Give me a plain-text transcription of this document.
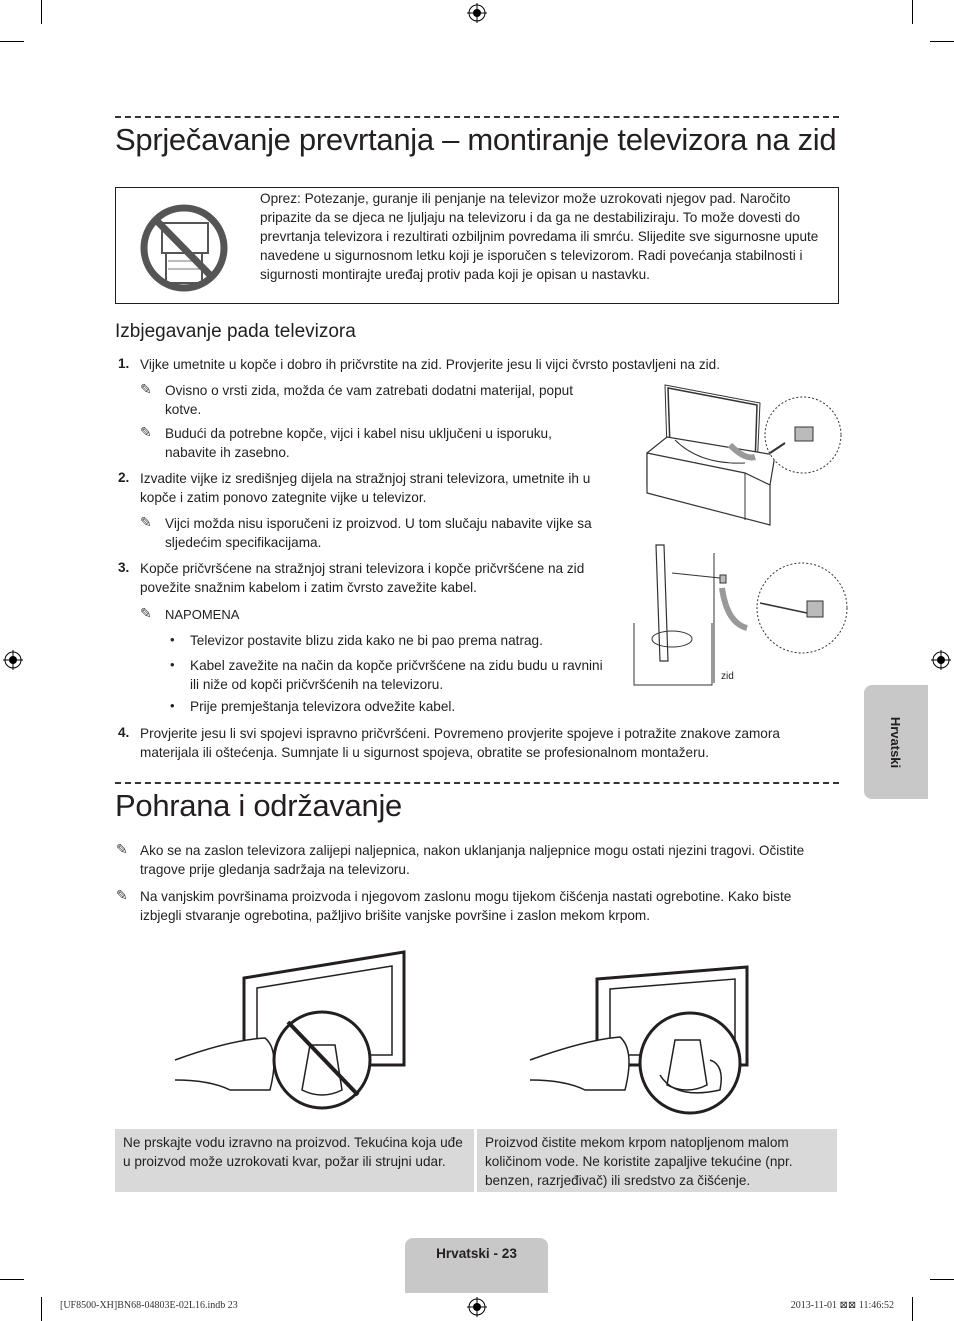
Sprječavanje prevrtanja – montiranje televizora na zid
Oprez: Potezanje, guranje ili penjanje na televizor može uzrokovati njegov pad. Naročito pripazite da se djeca ne ljuljaju na televizoru i da ga ne destabiliziraju. To može dovesti do prevrtanja televizora i rezultirati ozbiljnim povredama ili smrću. Slijedite sve sigurnosne upute navedene u sigurnosnom letku koji je isporučen s televizorom. Radi povećanja stabilnosti i sigurnosti montirajte uređaj protiv pada koji je opisan u nastavku.
Izbjegavanje pada televizora
1. Vijke umetnite u kopče i dobro ih pričvrstite na zid. Provjerite jesu li vijci čvrsto postavljeni na zid.
✎ Ovisno o vrsti zida, možda će vam zatrebati dodatni materijal, poput kotve.
✎ Budući da potrebne kopče, vijci i kabel nisu uključeni u isporuku, nabavite ih zasebno.
2. Izvadite vijke iz središnjeg dijela na stražnjoj strani televizora, umetnite ih u kopče i zatim ponovo zategnite vijke u televizor.
✎ Vijci možda nisu isporučeni iz proizvod. U tom slučaju nabavite vijke sa sljedećim specifikacijama.
3. Kopče pričvršćene na stražnjoj strani televizora i kopče pričvršćene na zid povežite snažnim kabelom i zatim čvrsto zavežite kabel.
✎ NAPOMENA
• Televizor postavite blizu zida kako ne bi pao prema natrag.
• Kabel zavežite na način da kopče pričvršćene na zidu budu u ravnini ili niže od kopči pričvršćenih na televizoru.
• Prije premještanja televizora odvežite kabel.
4. Provjerite jesu li svi spojevi ispravno pričvršćeni. Povremeno provjerite spojeve i potražite znakove zamora materijala ili oštećenja. Sumnjate li u sigurnost spojeva, obratite se profesionalnom montažeru.
zid
Pohrana i održavanje
✎ Ako se na zaslon televizora zalijepi naljepnica, nakon uklanjanja naljepnice mogu ostati njezini tragovi. Očistite tragove prije gledanja sadržaja na televizoru.
✎ Na vanjskim površinama proizvoda i njegovom zaslonu mogu tijekom čišćenja nastati ogrebotine. Kako biste izbjegli stvaranje ogrebotina, pažljivo brišite vanjske površine i zaslon mekom krpom.
Ne prskajte vodu izravno na proizvod. Tekućina koja uđe u proizvod može uzrokovati kvar, požar ili strujni udar.
Proizvod čistite mekom krpom natopljenom malom količinom vode. Ne koristite zapaljive tekućine (npr. benzen, razrjeđivač) ili sredstvo za čišćenje.
Hrvatski
Hrvatski - 23
[UF8500-XH]BN68-04803E-02L16.indb 23	2013-11-01 ⊠⊠ 11:46:52
